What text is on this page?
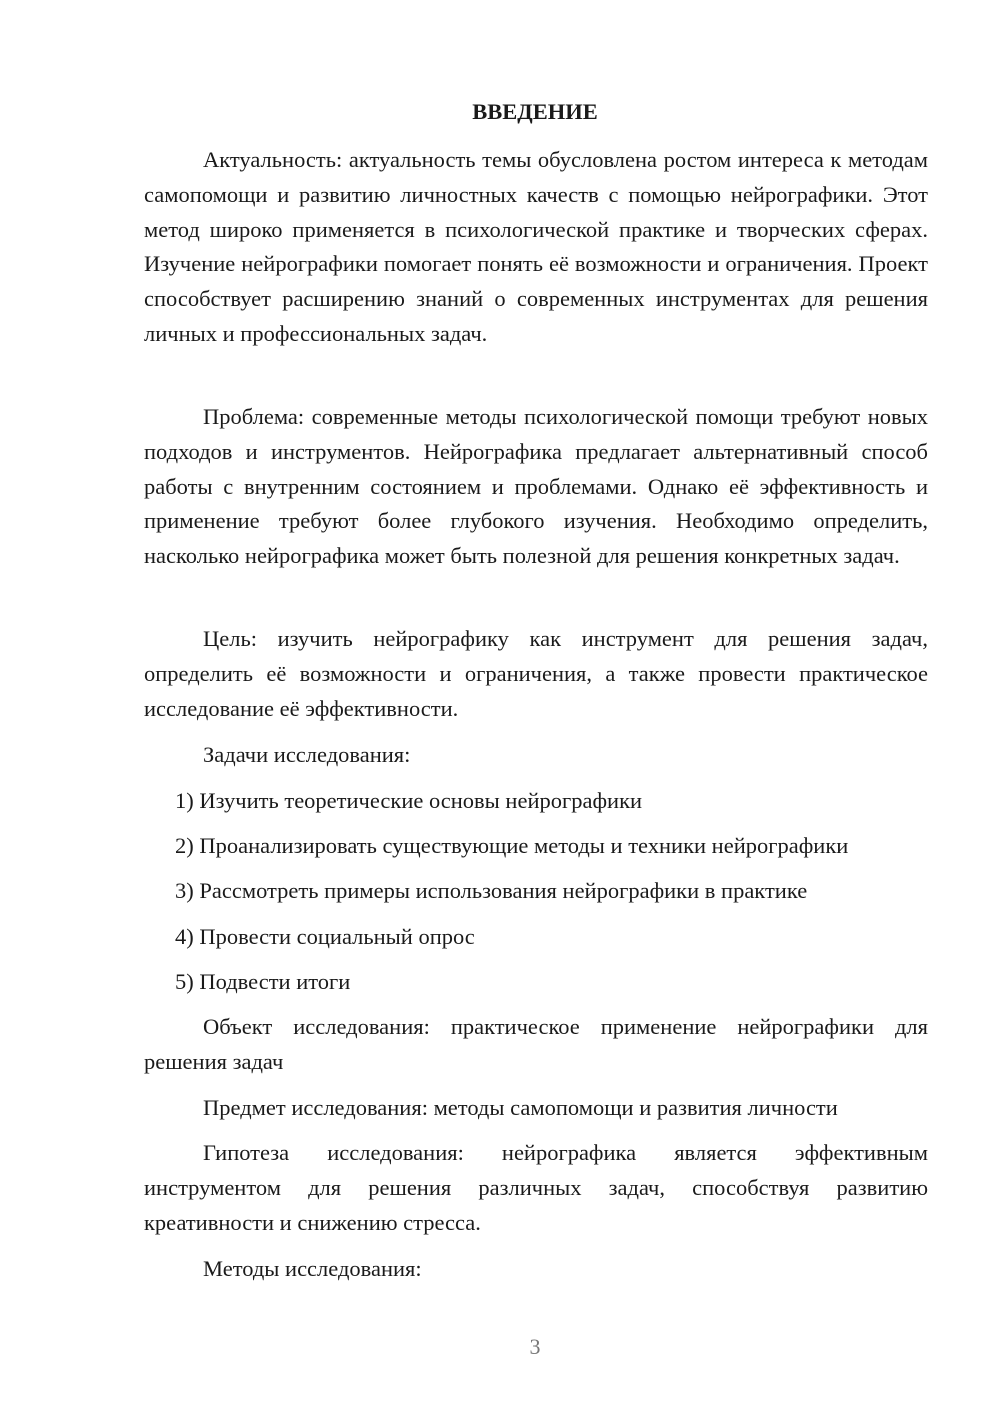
ВВЕДЕНИЕ

Актуальность: актуальность темы обусловлена ростом интереса к методам самопомощи и развитию личностных качеств с помощью нейрографики. Этот метод широко применяется в психологической практике и творческих сферах. Изучение нейрографики помогает понять её возможности и ограничения. Проект способствует расширению знаний о современных инструментах для решения личных и профессиональных задач.

Проблема: современные методы психологической помощи требуют новых подходов и инструментов. Нейрографика предлагает альтернативный способ работы с внутренним состоянием и проблемами. Однако её эффективность и применение требуют более глубокого изучения. Необходимо определить, насколько нейрографика может быть полезной для решения конкретных задач.

Цель: изучить нейрографику как инструмент для решения задач, определить её возможности и ограничения, а также провести практическое исследование её эффективности.

Задачи исследования:

1) Изучить теоретические основы нейрографики

2) Проанализировать существующие методы и техники нейрографики

3) Рассмотреть примеры использования нейрографики в практике

4) Провести социальный опрос

5) Подвести итоги

Объект исследования: практическое применение нейрографики для решения задач

Предмет исследования: методы самопомощи и развития личности

Гипотеза исследования: нейрографика является эффективным инструментом для решения различных задач, способствуя развитию креативности и снижению стресса.

Методы исследования:

3
